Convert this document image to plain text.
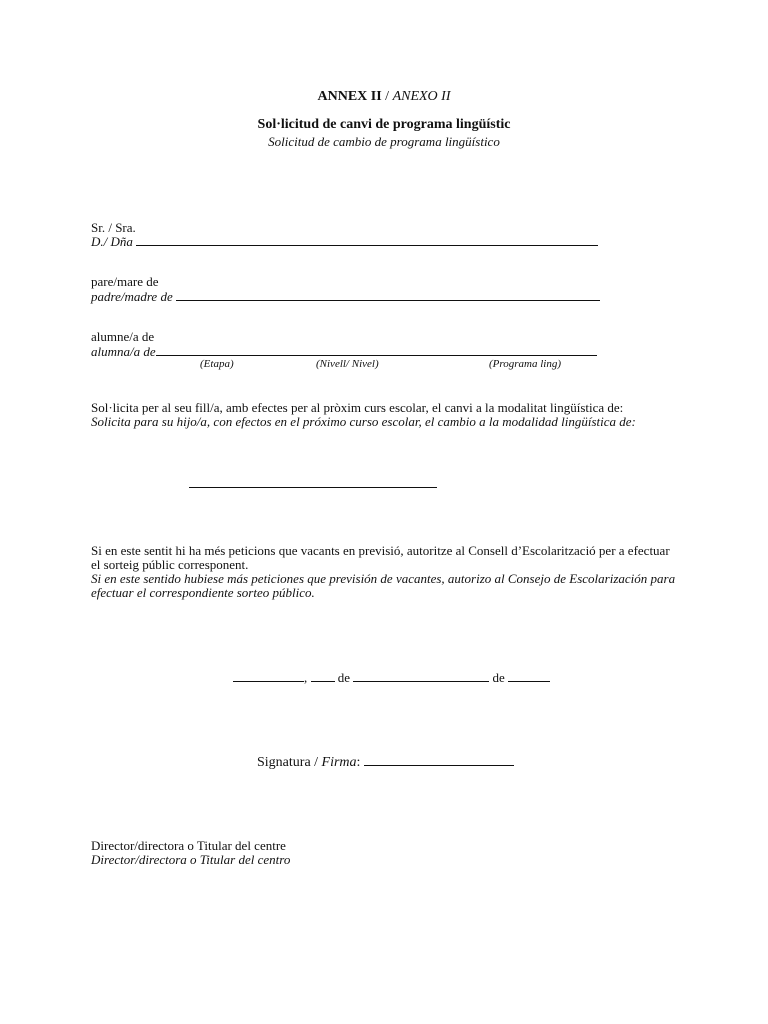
ANNEX II / ANEXO II
Sol·licitud de canvi de programa lingüístic
Solicitud de cambio de programa lingüístico
Sr. / Sra.
D./ Dña
pare/mare de
padre/madre de
alumne/a de
alumna/a de
(Etapa)	(Nivell/ Nivel)	(Programa ling)
Sol·licita per al seu fill/a, amb efectes per al pròxim curs escolar, el canvi a la modalitat lingüística de:
Solicita para su hijo/a, con efectos en el próximo curso escolar, el cambio a la modalidad lingüística de:
Si en este sentit hi ha més peticions que vacants en previsió, autoritze al Consell d’Escolarització per a efectuar
el sorteig públic corresponent.
Si en este sentido hubiese más peticiones que previsión de vacantes, autorizo al Consejo de Escolarización para
efectuar el correspondiente sorteo público.
, de	de
Signatura / Firma:
Director/directora o Titular del centre
Director/directora o Titular del centro
